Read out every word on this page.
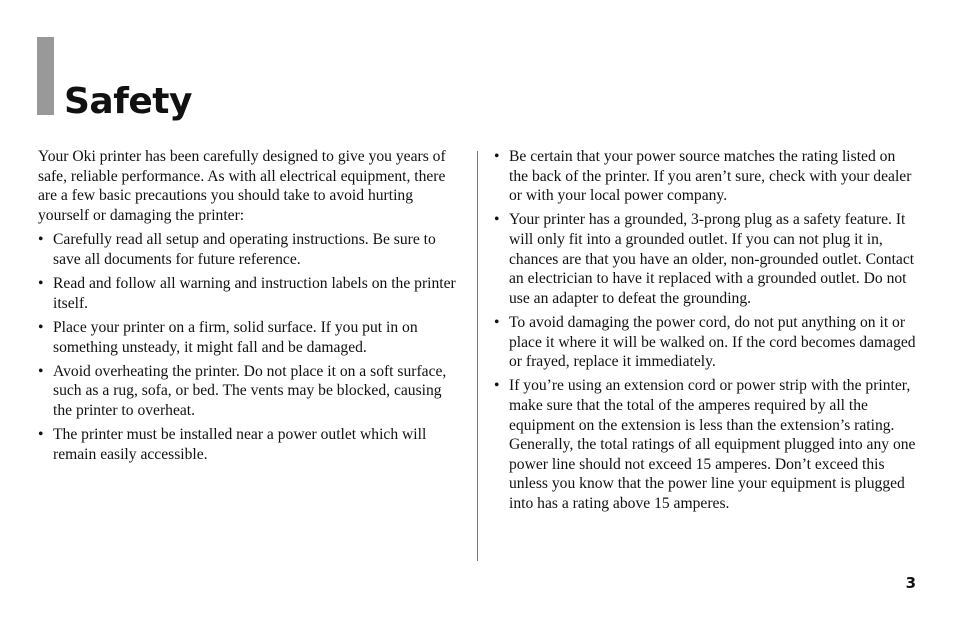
Safety

Your Oki printer has been carefully designed to give you years of safe, reliable performance. As with all electrical equipment, there are a few basic precautions you should take to avoid hurting yourself or damaging the printer:

• Carefully read all setup and operating instructions. Be sure to save all documents for future reference.
• Read and follow all warning and instruction labels on the printer itself.
• Place your printer on a firm, solid surface. If you put in on something unsteady, it might fall and be damaged.
• Avoid overheating the printer. Do not place it on a soft surface, such as a rug, sofa, or bed. The vents may be blocked, causing the printer to overheat.
• The printer must be installed near a power outlet which will remain easily accessible.
• Be certain that your power source matches the rating listed on the back of the printer. If you aren’t sure, check with your dealer or with your local power company.
• Your printer has a grounded, 3-prong plug as a safety feature. It will only fit into a grounded outlet. If you can not plug it in, chances are that you have an older, non-grounded outlet. Contact an electrician to have it replaced with a grounded outlet. Do not use an adapter to defeat the grounding.
• To avoid damaging the power cord, do not put anything on it or place it where it will be walked on. If the cord becomes damaged or frayed, replace it immediately.
• If you’re using an extension cord or power strip with the printer, make sure that the total of the amperes required by all the equipment on the extension is less than the extension’s rating. Generally, the total ratings of all equipment plugged into any one power line should not exceed 15 amperes. Don’t exceed this unless you know that the power line your equipment is plugged into has a rating above 15 amperes.
3
